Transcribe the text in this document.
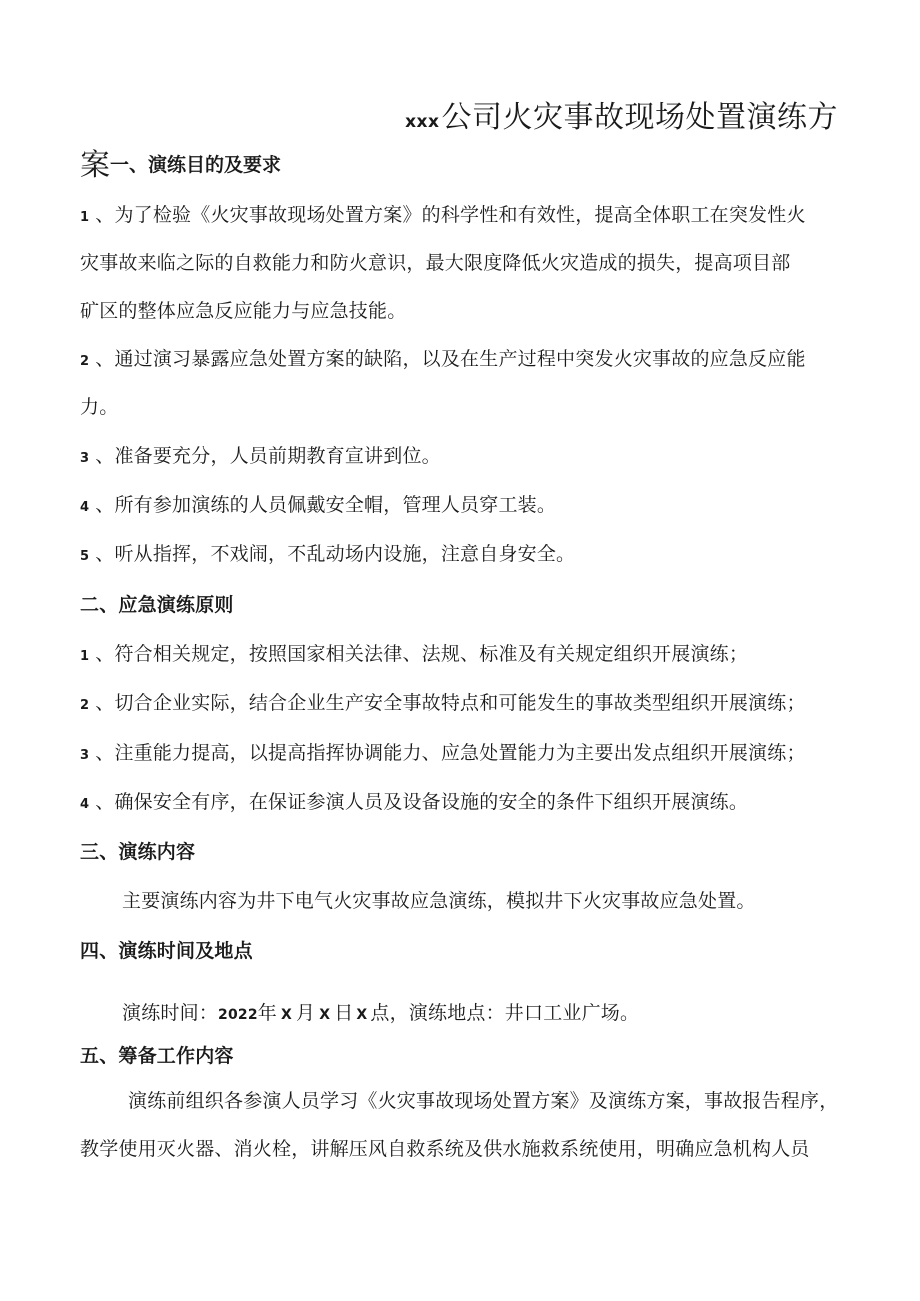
xxx公司火灾事故现场处置演练方
案一、演练目的及要求
1 、为了检验《火灾事故现场处置方案》的科学性和有效性，提高全体职工在突发性火
灾事故来临之际的自救能力和防火意识，最大限度降低火灾造成的损失，提高项目部
矿区的整体应急反应能力与应急技能。
2 、通过演习暴露应急处置方案的缺陷，以及在生产过程中突发火灾事故的应急反应能
力。
3 、准备要充分，人员前期教育宣讲到位。
4 、所有参加演练的人员佩戴安全帽，管理人员穿工装。
5 、听从指挥，不戏闹，不乱动场内设施，注意自身安全。
二、应急演练原则
1 、符合相关规定，按照国家相关法律、法规、标准及有关规定组织开展演练；
2 、切合企业实际，结合企业生产安全事故特点和可能发生的事故类型组织开展演练；
3 、注重能力提高，以提高指挥协调能力、应急处置能力为主要出发点组织开展演练；
4 、确保安全有序，在保证参演人员及设备设施的安全的条件下组织开展演练。
三、演练内容
主要演练内容为井下电气火灾事故应急演练，模拟井下火灾事故应急处置。
四、演练时间及地点
演练时间：2022年 X 月 X 日 X 点，演练地点：井口工业广场。
五、筹备工作内容
演练前组织各参演人员学习《火灾事故现场处置方案》及演练方案，事故报告程序，
教学使用灭火器、消火栓，讲解压风自救系统及供水施救系统使用，明确应急机构人员
